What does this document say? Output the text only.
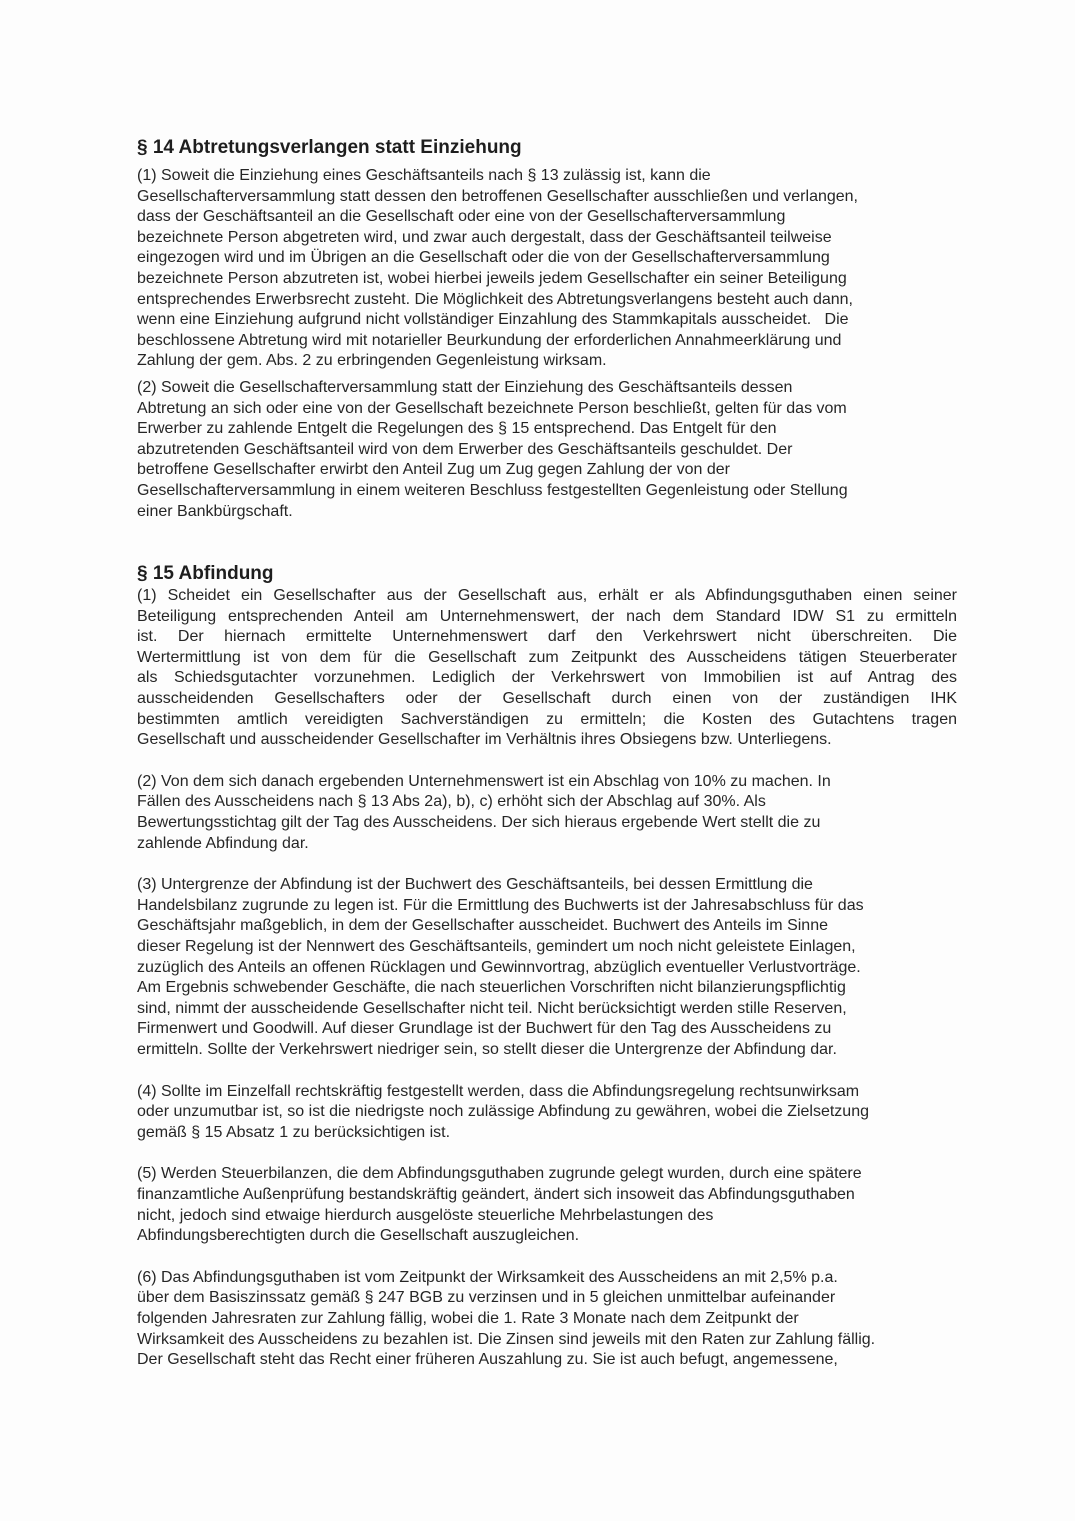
§ 14 Abtretungsverlangen statt Einziehung

(1) Soweit die Einziehung eines Geschäftsanteils nach § 13 zulässig ist, kann die
Gesellschafterversammlung statt dessen den betroffenen Gesellschafter ausschließen und verlangen,
dass der Geschäftsanteil an die Gesellschaft oder eine von der Gesellschafterversammlung
bezeichnete Person abgetreten wird, und zwar auch dergestalt, dass der Geschäftsanteil teilweise
eingezogen wird und im Übrigen an die Gesellschaft oder die von der Gesellschafterversammlung
bezeichnete Person abzutreten ist, wobei hierbei jeweils jedem Gesellschafter ein seiner Beteiligung
entsprechendes Erwerbsrecht zusteht. Die Möglichkeit des Abtretungsverlangens besteht auch dann,
wenn eine Einziehung aufgrund nicht vollständiger Einzahlung des Stammkapitals ausscheidet.   Die
beschlossene Abtretung wird mit notarieller Beurkundung der erforderlichen Annahmeerklärung und
Zahlung der gem. Abs. 2 zu erbringenden Gegenleistung wirksam.

(2) Soweit die Gesellschafterversammlung statt der Einziehung des Geschäftsanteils dessen
Abtretung an sich oder eine von der Gesellschaft bezeichnete Person beschließt, gelten für das vom
Erwerber zu zahlende Entgelt die Regelungen des § 15 entsprechend. Das Entgelt für den
abzutretenden Geschäftsanteil wird von dem Erwerber des Geschäftsanteils geschuldet. Der
betroffene Gesellschafter erwirbt den Anteil Zug um Zug gegen Zahlung der von der
Gesellschafterversammlung in einem weiteren Beschluss festgestellten Gegenleistung oder Stellung
einer Bankbürgschaft.

§ 15 Abfindung

(1) Scheidet ein Gesellschafter aus der Gesellschaft aus, erhält er als Abfindungsguthaben einen seiner
Beteiligung entsprechenden Anteil am Unternehmenswert, der nach dem Standard IDW S1 zu ermitteln
ist. Der hiernach ermittelte Unternehmenswert darf den Verkehrswert nicht überschreiten. Die
Wertermittlung ist von dem für die Gesellschaft zum Zeitpunkt des Ausscheidens tätigen Steuerberater
als Schiedsgutachter vorzunehmen. Lediglich der Verkehrswert von Immobilien ist auf Antrag des
ausscheidenden Gesellschafters oder der Gesellschaft durch einen von der zuständigen IHK
bestimmten amtlich vereidigten Sachverständigen zu ermitteln; die Kosten des Gutachtens tragen
Gesellschaft und ausscheidender Gesellschafter im Verhältnis ihres Obsiegens bzw. Unterliegens.

(2) Von dem sich danach ergebenden Unternehmenswert ist ein Abschlag von 10% zu machen. In
Fällen des Ausscheidens nach § 13 Abs 2a), b), c) erhöht sich der Abschlag auf 30%. Als
Bewertungsstichtag gilt der Tag des Ausscheidens. Der sich hieraus ergebende Wert stellt die zu
zahlende Abfindung dar.

(3) Untergrenze der Abfindung ist der Buchwert des Geschäftsanteils, bei dessen Ermittlung die
Handelsbilanz zugrunde zu legen ist. Für die Ermittlung des Buchwerts ist der Jahresabschluss für das
Geschäftsjahr maßgeblich, in dem der Gesellschafter ausscheidet. Buchwert des Anteils im Sinne
dieser Regelung ist der Nennwert des Geschäftsanteils, gemindert um noch nicht geleistete Einlagen,
zuzüglich des Anteils an offenen Rücklagen und Gewinnvortrag, abzüglich eventueller Verlustvorträge.
Am Ergebnis schwebender Geschäfte, die nach steuerlichen Vorschriften nicht bilanzierungspflichtig
sind, nimmt der ausscheidende Gesellschafter nicht teil. Nicht berücksichtigt werden stille Reserven,
Firmenwert und Goodwill. Auf dieser Grundlage ist der Buchwert für den Tag des Ausscheidens zu
ermitteln. Sollte der Verkehrswert niedriger sein, so stellt dieser die Untergrenze der Abfindung dar.

(4) Sollte im Einzelfall rechtskräftig festgestellt werden, dass die Abfindungsregelung rechtsunwirksam
oder unzumutbar ist, so ist die niedrigste noch zulässige Abfindung zu gewähren, wobei die Zielsetzung
gemäß § 15 Absatz 1 zu berücksichtigen ist.

(5) Werden Steuerbilanzen, die dem Abfindungsguthaben zugrunde gelegt wurden, durch eine spätere
finanzamtliche Außenprüfung bestandskräftig geändert, ändert sich insoweit das Abfindungsguthaben
nicht, jedoch sind etwaige hierdurch ausgelöste steuerliche Mehrbelastungen des
Abfindungsberechtigten durch die Gesellschaft auszugleichen.

(6) Das Abfindungsguthaben ist vom Zeitpunkt der Wirksamkeit des Ausscheidens an mit 2,5% p.a.
über dem Basiszinssatz gemäß § 247 BGB zu verzinsen und in 5 gleichen unmittelbar aufeinander
folgenden Jahresraten zur Zahlung fällig, wobei die 1. Rate 3 Monate nach dem Zeitpunkt der
Wirksamkeit des Ausscheidens zu bezahlen ist. Die Zinsen sind jeweils mit den Raten zur Zahlung fällig.
Der Gesellschaft steht das Recht einer früheren Auszahlung zu. Sie ist auch befugt, angemessene,
